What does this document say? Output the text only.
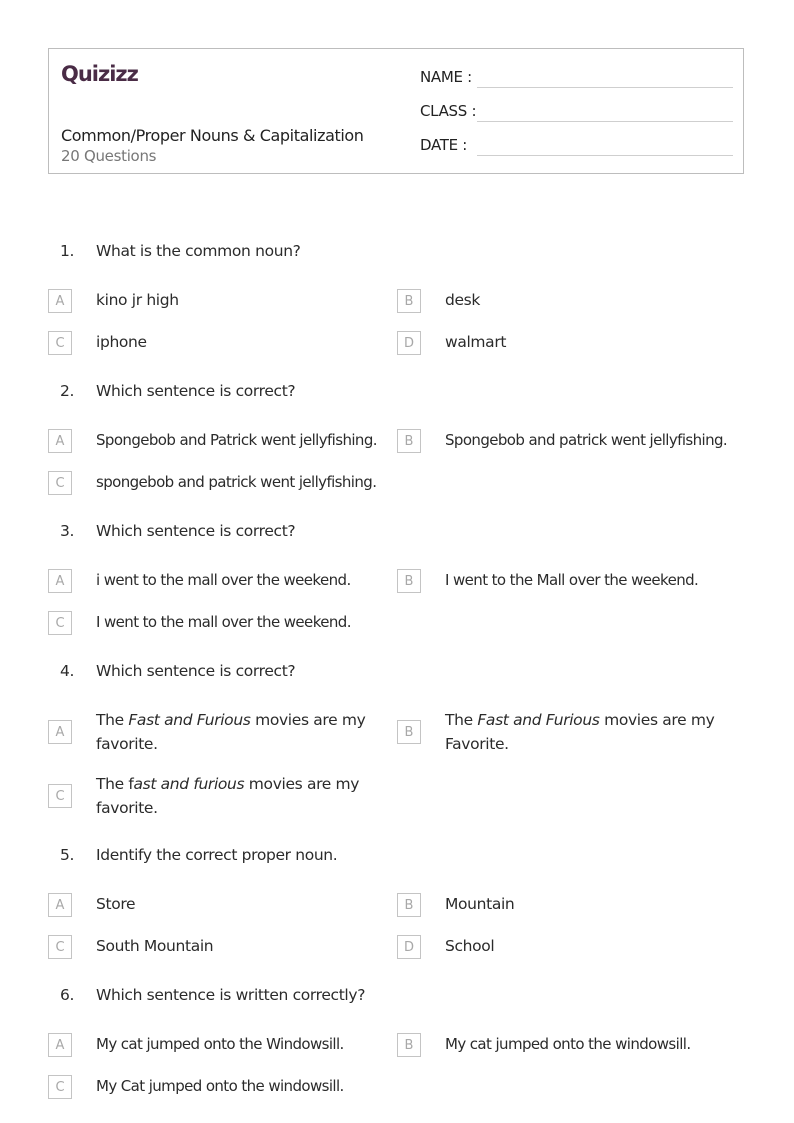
Quizizz
Common/Proper Nouns & Capitalization
20 Questions
NAME :
CLASS :
DATE :
1. What is the common noun?
A	kino jr high	B	desk
C	iphone	D	walmart
2. Which sentence is correct?
A	Spongebob and Patrick went jellyfishing.	B	Spongebob and patrick went jellyfishing.
C	spongebob and patrick went jellyfishing.
3. Which sentence is correct?
A	i went to the mall over the weekend.	B	I went to the Mall over the weekend.
C	I went to the mall over the weekend.
4. Which sentence is correct?
A
The Fast and Furious movies are my favorite.
B
The Fast and Furious movies are my Favorite.
C
The fast and furious movies are my favorite.
5. Identify the correct proper noun.
A	Store	B	Mountain
C	South Mountain	D	School
6. Which sentence is written correctly?
A	My cat jumped onto the Windowsill.	B	My cat jumped onto the windowsill.
C	My Cat jumped onto the windowsill.
